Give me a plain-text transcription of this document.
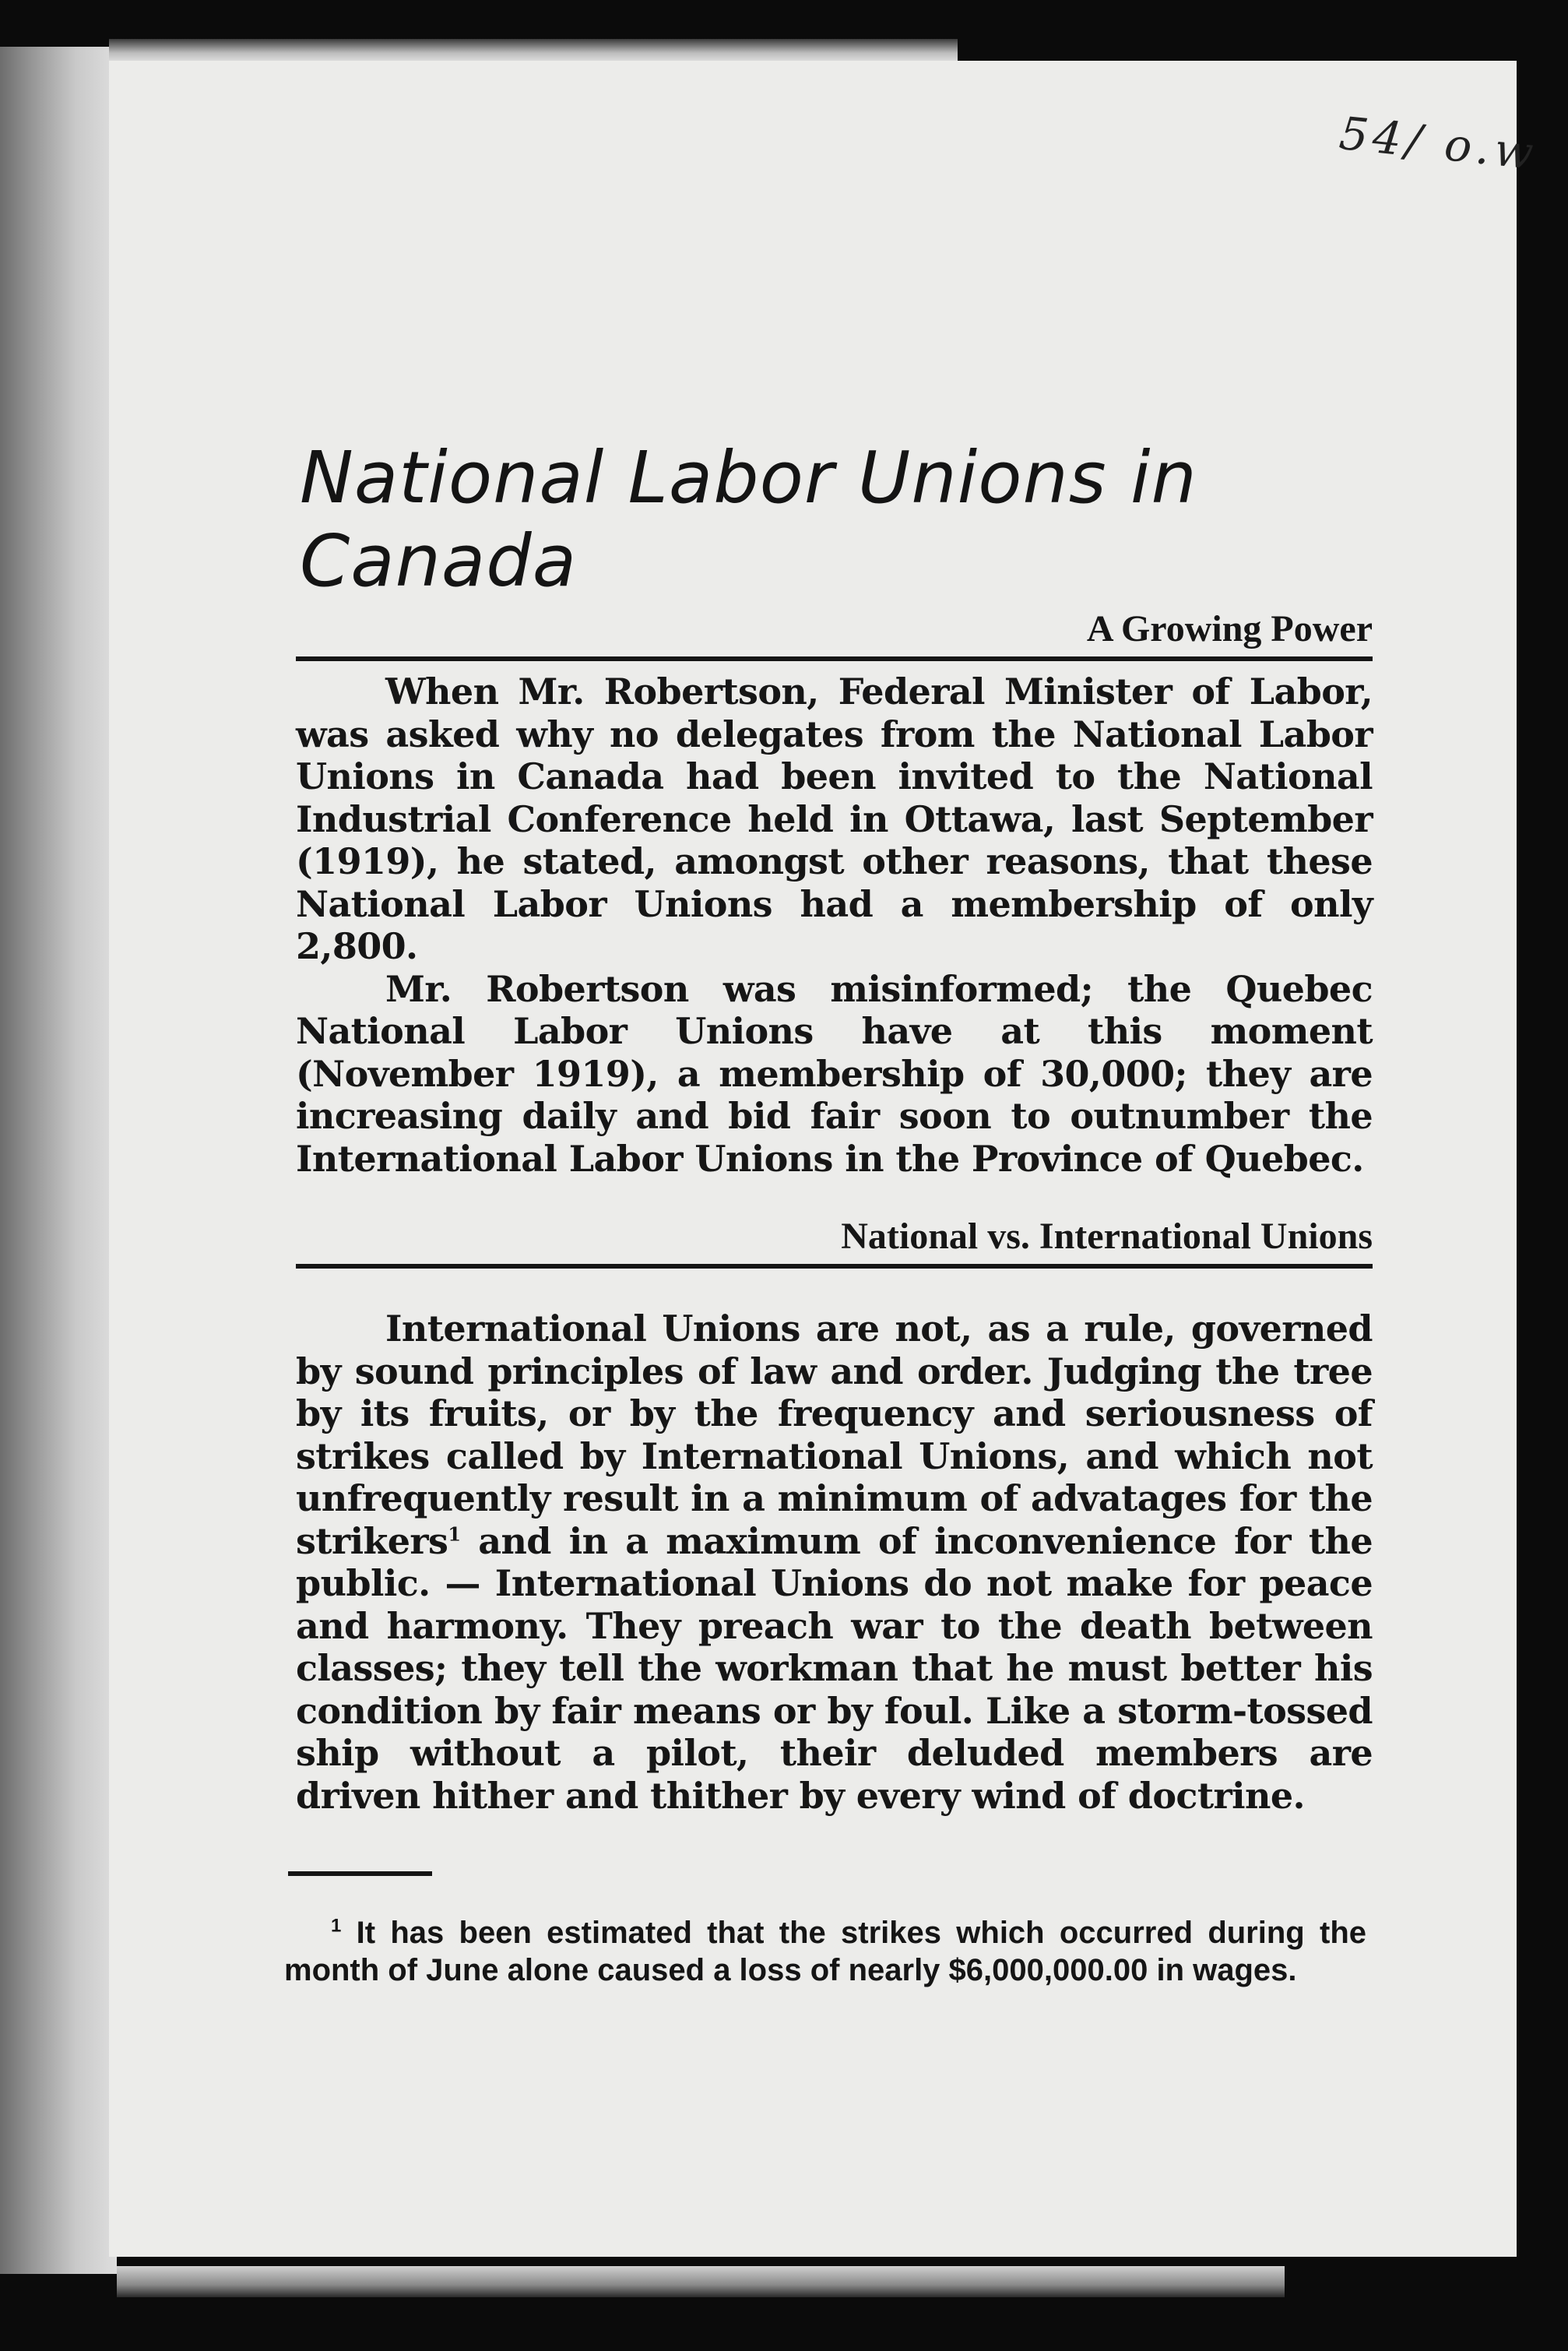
54/ o.w
National Labor Unions in Canada
A Growing Power

When Mr. Robertson, Federal Minister of Labor, was asked why no delegates from the National Labor Unions in Canada had been invited to the National Industrial Conference held in Ottawa, last September (1919), he stated, amongst other reasons, that these National Labor Unions had a membership of only 2,800.

Mr. Robertson was misinformed; the Quebec National Labor Unions have at this moment (November 1919), a membership of 30,000; they are increasing daily and bid fair soon to outnumber the International Labor Unions in the Province of Quebec.

National vs. International Unions

International Unions are not, as a rule, governed by sound principles of law and order. Judging the tree by its fruits, or by the frequency and seriousness of strikes called by International Unions, and which not unfrequently result in a minimum of advatages for the strikers$^1$ and in a maximum of inconvenience for the public. — International Unions do not make for peace and harmony. They preach war to the death between classes; they tell the workman that he must better his condition by fair means or by foul. Like a storm-tossed ship without a pilot, their deluded members are driven hither and thither by every wind of doctrine.

$^1$ It has been estimated that the strikes which occurred during the month of June alone caused a loss of nearly $6,000,000.00 in wages.
